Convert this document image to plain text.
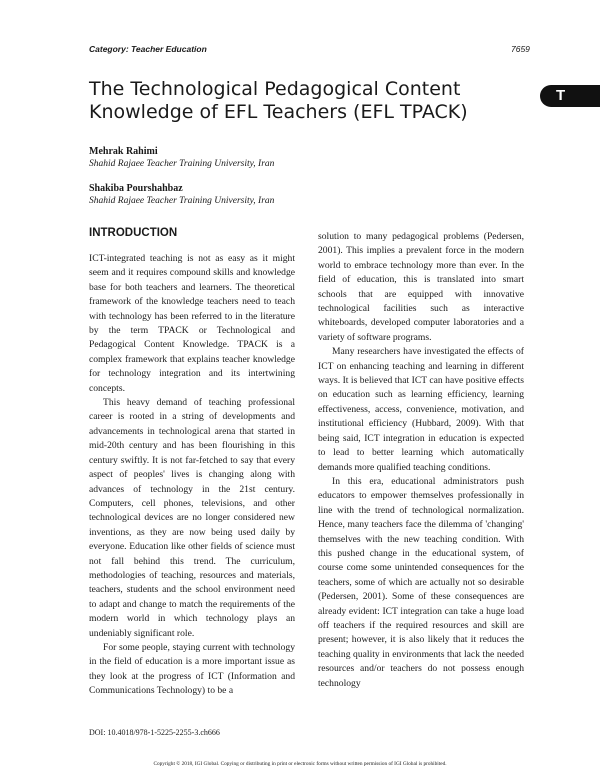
Category: Teacher Education	7659
T
The Technological Pedagogical Content Knowledge of EFL Teachers (EFL TPACK)
Mehrak Rahimi
Shahid Rajaee Teacher Training University, Iran
Shakiba Pourshahbaz
Shahid Rajaee Teacher Training University, Iran
INTRODUCTION

ICT-integrated teaching is not as easy as it might seem and it requires compound skills and knowledge base for both teachers and learners. The theoretical framework of the knowledge teachers need to teach with technology has been referred to in the literature by the term TPACK or Technological and Pedagogical Content Knowledge. TPACK is a complex framework that explains teacher knowledge for technology integration and its intertwining concepts.

This heavy demand of teaching professional career is rooted in a string of developments and advancements in technological arena that started in mid-20th century and has been flourishing in this century swiftly. It is not far-fetched to say that every aspect of peoples' lives is changing along with advances of technology in the 21st century. Computers, cell phones, televisions, and other technological devices are no longer considered new inventions, as they are now being used daily by everyone. Education like other fields of science must not fall behind this trend. The curriculum, methodologies of teaching, resources and materials, teachers, students and the school environment need to adapt and change to match the requirements of the modern world in which technology plays an undeniably significant role.

For some people, staying current with technology in the field of education is a more important issue as they look at the progress of ICT (Information and Communications Technology) to be a

solution to many pedagogical problems (Pedersen, 2001). This implies a prevalent force in the modern world to embrace technology more than ever. In the field of education, this is translated into smart schools that are equipped with innovative technological facilities such as interactive whiteboards, developed computer laboratories and a variety of software programs.

Many researchers have investigated the effects of ICT on enhancing teaching and learning in different ways. It is believed that ICT can have positive effects on education such as learning efficiency, learning effectiveness, access, convenience, motivation, and institutional efficiency (Hubbard, 2009). With that being said, ICT integration in education is expected to lead to better learning which automatically demands more qualified teaching conditions.

In this era, educational administrators push educators to empower themselves professionally in line with the trend of technological normalization. Hence, many teachers face the dilemma of 'changing' themselves with the new teaching condition. With this pushed change in the educational system, of course come some unintended consequences for the teachers, some of which are actually not so desirable (Pedersen, 2001). Some of these consequences are already evident: ICT integration can take a huge load off teachers if the required resources and skill are present; however, it is also likely that it reduces the teaching quality in environments that lack the needed resources and/or teachers do not possess enough technology

DOI: 10.4018/978-1-5225-2255-3.ch666
Copyright © 2018, IGI Global. Copying or distributing in print or electronic forms without written permission of IGI Global is prohibited.
